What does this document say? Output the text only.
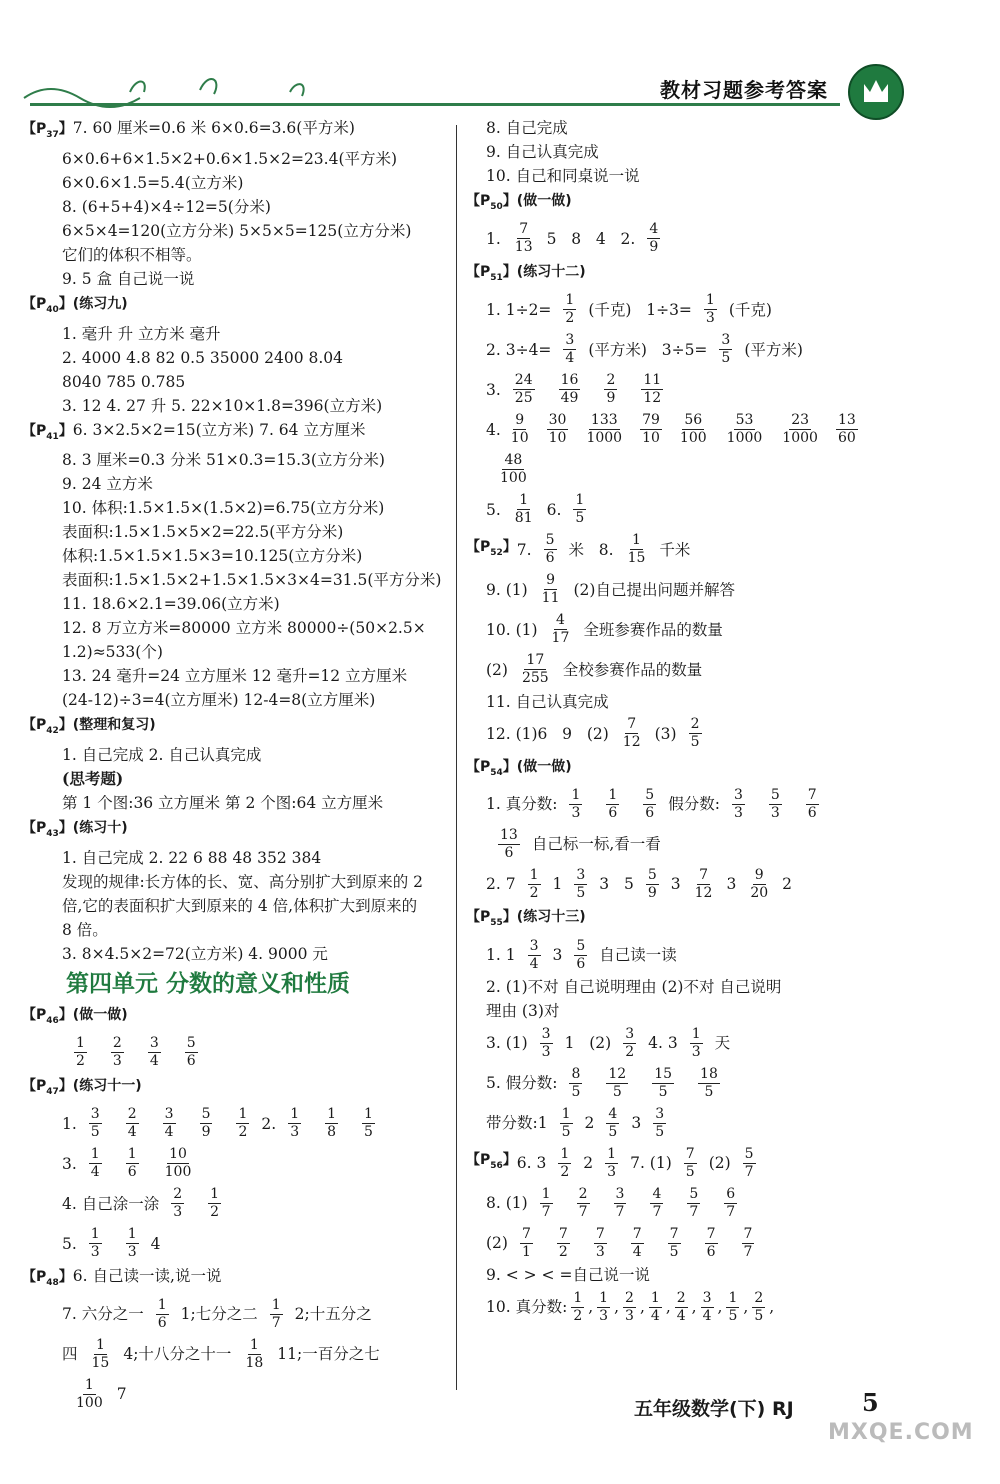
教材习题参考答案
【$P_{37}$】7. 60 厘米=0.6 米 6×0.6=3.6(平方米)
6×0.6+6×1.5×2+0.6×1.5×2=23.4(平方米)
6×0.6×1.5=5.4(立方米)
8. (6+5+4)×4÷12=5(分米)
6×5×4=120(立方分米) 5×5×5=125(立方分米)
它们的体积不相等。
9. 5 盒 自己说一说
【$P_{40}$】(练习九)
1. 毫升 升 立方米 毫升
2. 4000 4.8 82 0.5 35000 2400 8.04
8040 785 0.785
3. 12 4. 27 升 5. 22×10×1.8=396(立方米)
【$P_{41}$】6. 3×2.5×2=15(立方米) 7. 64 立方厘米
8. 3 厘米=0.3 分米 51×0.3=15.3(立方分米)
9. 24 立方米
10. 体积:1.5×1.5×(1.5×2)=6.75(立方分米)
表面积:1.5×1.5×5×2=22.5(平方分米)
体积:1.5×1.5×1.5×3=10.125(立方分米)
表面积:1.5×1.5×2+1.5×1.5×3×4=31.5(平方分米)
11. 18.6×2.1=39.06(立方米)
12. 8 万立方米=80000 立方米 80000÷(50×2.5×
1.2)≈533(个)
13. 24 毫升=24 立方厘米 12 毫升=12 立方厘米
(24-12)÷3=4(立方厘米) 12-4=8(立方厘米)
【$P_{42}$】(整理和复习)
1. 自己完成 2. 自己认真完成
(思考题)
第 1 个图:36 立方厘米 第 2 个图:64 立方厘米
【$P_{43}$】(练习十)
1. 自己完成 2. 22 6 88 48 352 384
发现的规律:长方体的长、宽、高分别扩大到原来的 2
倍,它的表面积扩大到原来的 4 倍,体积扩大到原来的
8 倍。
3. 8×4.5×2=72(立方米) 4. 9000 元
第四单元 分数的意义和性质
【$P_{46}$】(做一做)
$\frac{1}{2} \frac{2}{3} \frac{3}{4} \frac{5}{6}$
【$P_{47}$】(练习十一)
1. $\frac{3}{5} \frac{2}{4} \frac{3}{4} \frac{5}{9} \frac{1}{2} 2$. $\frac{1}{3} \frac{1}{8} \frac{1}{5}$
3. $\frac{1}{4} \frac{1}{6} \frac{10}{100}$
4. 自己涂一涂 $\frac{2}{3} \frac{1}{2}$
5. $\frac{1}{3} \frac{1}{3} 4$
【$P_{48}$】6. 自己读一读,说一说
7. 六分之一 $\frac{1}{6} 1$;七分之二 $\frac{1}{7} 2$;十五分之
四 $\frac{1}{15} 4$;十八分之十一 $\frac{1}{18} 11$;一百分之七
$\frac{1}{100} 7$
8. 自己完成
9. 自己认真完成
10. 自己和同桌说一说
【$P_{50}$】(做一做)
1. $\frac{7}{13} 5$   8   4   2. $\frac{4}{9}$
【$P_{51}$】(练习十二)
1. $1\div 2= \frac{1}{2}$ (千克)   $1\div 3= \frac{1}{3}$ (千克)
2. $3\div 4= \frac{3}{4}$ (平方米)   $3\div 5= \frac{3}{5}$ (平方米)
3. $\frac{24}{25} \frac{16}{49} \frac{2}{9} \frac{11}{12}$
4. $\frac{9}{10} \frac{30}{10} \frac{133}{1000} \frac{79}{10} \frac{56}{100} \frac{53}{1000} \frac{23}{1000} \frac{13}{60}$
$\frac{48}{100}$
5. $\frac{1}{81} 6$. $\frac{1}{5}$
【$P_{52}$】 7. $\frac{5}{6}$ 米   8. $\frac{1}{15}$ 千米
9. $(1) \frac{9}{11} (2)$自己提出问题并解答
10. $(1) \frac{4}{17}$ 全班参赛作品的数量
$(2) \frac{17}{255}$ 全校参赛作品的数量
11. 自己认真完成
12. (1)6   9   $(2) \frac{7}{12} (3) \frac{2}{5}$
【$P_{54}$】(做一做)
1. 真分数: $\frac{1}{3} \frac{1}{6} \frac{5}{6}$ 假分数: $\frac{3}{3} \frac{5}{3} \frac{7}{6}$
$\frac{13}{6}$ 自己标一标,看一看
2. $7 \frac{1}{2} 1 \frac{3}{5} 3$   $5 \frac{5}{9} 3 \frac{7}{12} 3 \frac{9}{20} 2$
【$P_{55}$】(练习十三)
1. $1 \frac{3}{4} 3 \frac{5}{6}$ 自己读一读
2. (1)不对 自己说明理由 (2)不对 自己说明
理由 (3)对
3. $(1) \frac{3}{3} 1$   $(2) \frac{3}{2} 4$. $3 \frac{1}{3}$ 天
5. 假分数: $\frac{8}{5} \frac{12}{5} \frac{15}{5} \frac{18}{5}$
带分数: $1 \frac{1}{5} 2 \frac{4}{5} 3 \frac{3}{5}$
【$P_{56}$】 6. $3 \frac{1}{2} 2 \frac{1}{3} 7$. $(1) \frac{7}{5} (2) \frac{5}{7}$
8. $(1) \frac{1}{7} \frac{2}{7} \frac{3}{7} \frac{4}{7} \frac{5}{7} \frac{6}{7}$
$(2) \frac{7}{1} \frac{7}{2} \frac{7}{3} \frac{7}{4} \frac{7}{5} \frac{7}{6} \frac{7}{7}$
9. < > < =自己说一说
10. 真分数: $\frac{1}{2}$ , $\frac{1}{3}$ , $\frac{2}{3}$ , $\frac{1}{4}$ , $\frac{2}{4}$ , $\frac{3}{4}$ , $\frac{1}{5}$ , $\frac{2}{5}$ ,
五年级数学(下) RJ	5
MXQE.COM
